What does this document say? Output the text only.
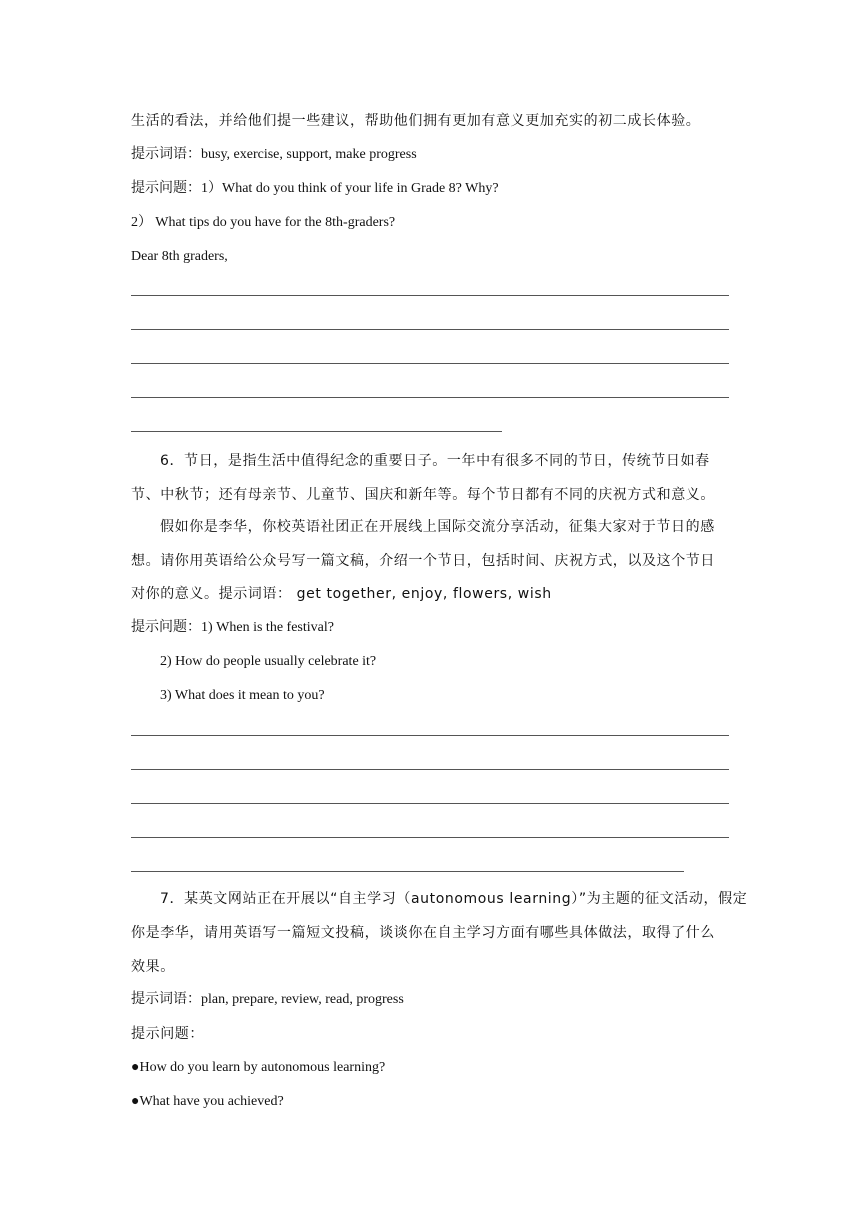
生活的看法，并给他们提一些建议，帮助他们拥有更加有意义更加充实的初二成长体验。
提示词语：busy, exercise, support, make progress
提示问题：1）What do you think of your life in Grade 8? Why?
2） What tips do you have for the 8th-graders?
Dear 8th graders,
6．节日，是指生活中值得纪念的重要日子。一年中有很多不同的节日，传统节日如春
节、中秋节；还有母亲节、儿童节、国庆和新年等。每个节日都有不同的庆祝方式和意义。
假如你是李华，你校英语社团正在开展线上国际交流分享活动，征集大家对于节日的感
想。请你用英语给公众号写一篇文稿，介绍一个节日，包括时间、庆祝方式，以及这个节日
对你的意义。提示词语： get together, enjoy, flowers, wish
提示问题：1) When is the festival?
2) How do people usually celebrate it?
3) What does it mean to you?
7．某英文网站正在开展以“自主学习（autonomous learning）”为主题的征文活动，假定
你是李华，请用英语写一篇短文投稿，谈谈你在自主学习方面有哪些具体做法，取得了什么
效果。
提示词语：plan, prepare, review, read, progress
提示问题：
●How do you learn by autonomous learning?
●What have you achieved?
